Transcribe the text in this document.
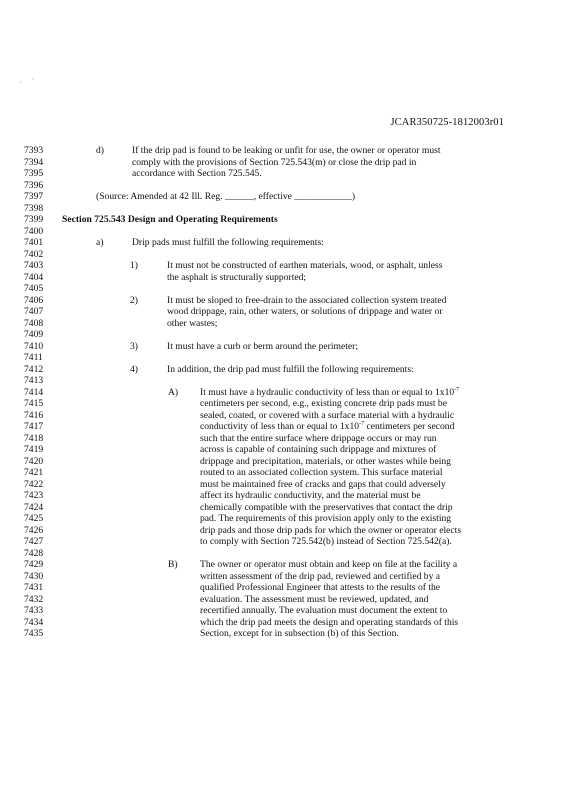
,       ‘
JCAR350725-1812003r01
7393	d)	If the drip pad is found to be leaking or unfit for use, the owner or operator must
7394	comply with the provisions of Section 725.543(m) or close the drip pad in
7395	accordance with Section 725.545.
7396
7397	(Source: Amended at 42 Ill. Reg. ______, effective ____________)
7398
7399	Section 725.543 Design and Operating Requirements
7400
7401	a)	Drip pads must fulfill the following requirements:
7402
7403	1)	It must not be constructed of earthen materials, wood, or asphalt, unless
7404	the asphalt is structurally supported;
7405
7406	2)	It must be sloped to free-drain to the associated collection system treated
7407	wood drippage, rain, other waters, or solutions of drippage and water or
7408	other wastes;
7409
7410	3)	It must have a curb or berm around the perimeter;
7411
7412	4)	In addition, the drip pad must fulfill the following requirements:
7413
7414	A) It must have a hydraulic conductivity of less than or equal to $1x10^{-7}$
7415	centimeters per second, e.g., existing concrete drip pads must be
7416	sealed, coated, or covered with a surface material with a hydraulic
7417	conductivity of less than or equal to $1x10^{-7}$ centimeters per second
7418	such that the entire surface where drippage occurs or may run
7419	across is capable of containing such drippage and mixtures of
7420	drippage and precipitation, materials, or other wastes while being
7421	routed to an associated collection system. This surface material
7422	must be maintained free of cracks and gaps that could adversely
7423	affect its hydraulic conductivity, and the material must be
7424	chemically compatible with the preservatives that contact the drip
7425	pad. The requirements of this provision apply only to the existing
7426	drip pads and those drip pads for which the owner or operator elects
7427	to comply with Section 725.542(b) instead of Section 725.542(a).
7428
7429	B) The owner or operator must obtain and keep on file at the facility a
7430	written assessment of the drip pad, reviewed and certified by a
7431	qualified Professional Engineer that attests to the results of the
7432	evaluation. The assessment must be reviewed, updated, and
7433	recertified annually. The evaluation must document the extent to
7434	which the drip pad meets the design and operating standards of this
7435	Section, except for in subsection (b) of this Section.
